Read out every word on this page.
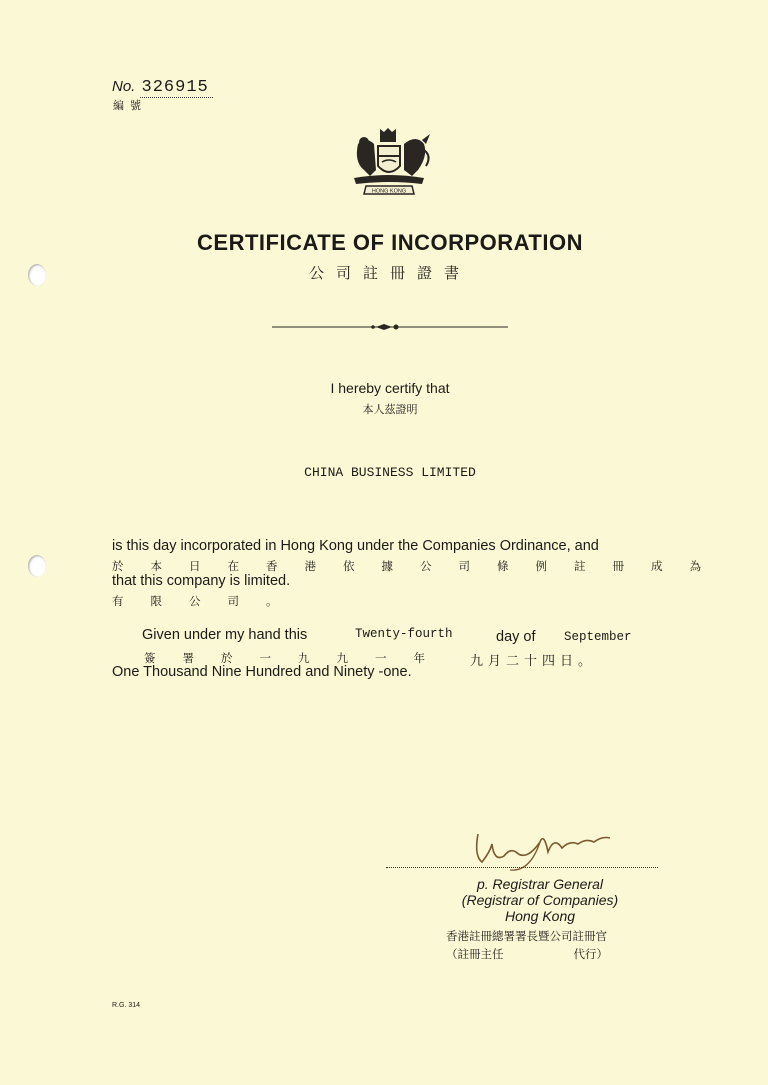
No. 326915
編號
HONG KONG
CERTIFICATE OF INCORPORATION
公司註冊證書
I hereby certify that
本人茲證明
CHINA BUSINESS LIMITED
is this day incorporated in Hong Kong under the Companies Ordinance, and
於本日在香港依據公司條例註冊成為
that this company is limited.
有限公司。
Given under my hand this	Twenty-fourth	day of September
簽署於一九九一年 九月二十四日。
One Thousand Nine Hundred and Ninety -one.
p. Registrar General
(Registrar of Companies)
Hong Kong
香港註冊總署署長暨公司註冊官
（註冊主任	代行）
R.G. 314
